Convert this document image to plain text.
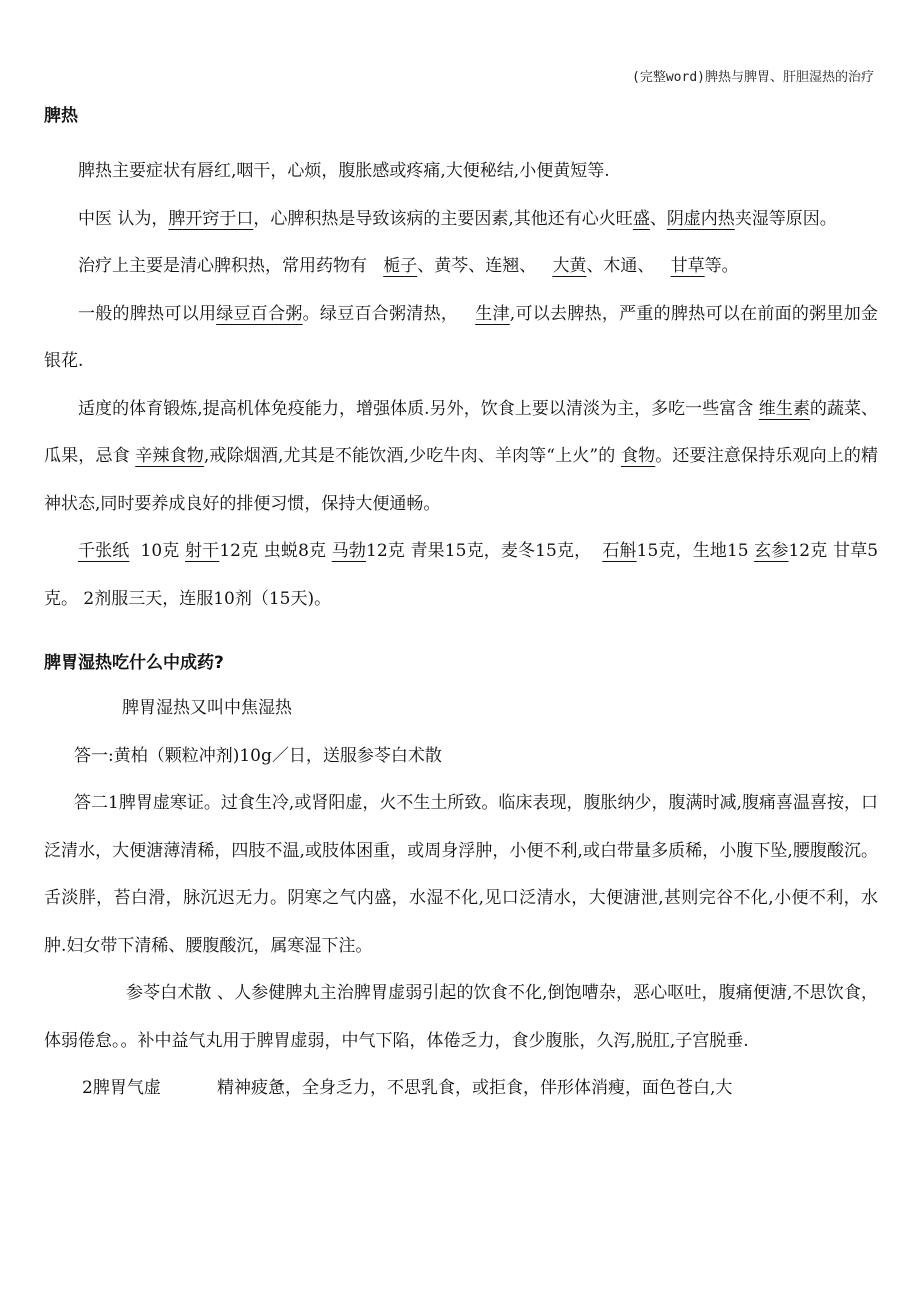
(完整word)脾热与脾胃、肝胆湿热的治疗
脾热

脾热主要症状有唇红,咽干，心烦，腹胀感或疼痛,大便秘结,小便黄短等.

中医 认为，脾开窍于口，心脾积热是导致该病的主要因素,其他还有心火旺盛、阴虚内热夹湿等原因。

治疗上主要是清心脾积热，常用药物有   栀子、黄芩、连翘、   大黄、木通、   甘草等。

一般的脾热可以用绿豆百合粥。绿豆百合粥清热，   生津,可以去脾热，严重的脾热可以在前面的粥里加金银花.

适度的体育锻炼,提高机体免疫能力，增强体质.另外，饮食上要以清淡为主，多吃一些富含 维生素的蔬菜、瓜果，忌食 辛辣食物,戒除烟酒,尤其是不能饮酒,少吃牛肉、羊肉等“上火”的 食物。还要注意保持乐观向上的精神状态,同时要养成良好的排便习惯，保持大便通畅。

千张纸  10克 射干12克 虫蜕8克 马勃12克 青果15克，麦冬15克，  石斛15克，生地15 玄参12克 甘草5克。 2剂服三天，连服10剂（15天)。

脾胃湿热吃什么中成药?

脾胃湿热又叫中焦湿热

答一:黄柏（颗粒冲剂)10g／日，送服参苓白术散

答二1脾胃虚寒证。过食生冷,或肾阳虚，火不生土所致。临床表现，腹胀纳少，腹满时减,腹痛喜温喜按，口泛清水，大便溏薄清稀，四肢不温,或肢体困重，或周身浮肿，小便不利,或白带量多质稀，小腹下坠,腰腹酸沉。舌淡胖，苔白滑，脉沉迟无力。阴寒之气内盛，水湿不化,见口泛清水，大便溏泄,甚则完谷不化,小便不利，水肿.妇女带下清稀、腰腹酸沉，属寒湿下注。

参苓白术散 、人参健脾丸主治脾胃虚弱引起的饮食不化,倒饱嘈杂，恶心呕吐，腹痛便溏,不思饮食，体弱倦怠。。补中益气丸用于脾胃虚弱，中气下陷，体倦乏力，食少腹胀，久泻,脱肛,子宫脱垂.

2脾胃气虚	精神疲惫，全身乏力，不思乳食，或拒食，伴形体消瘦，面色苍白,大
